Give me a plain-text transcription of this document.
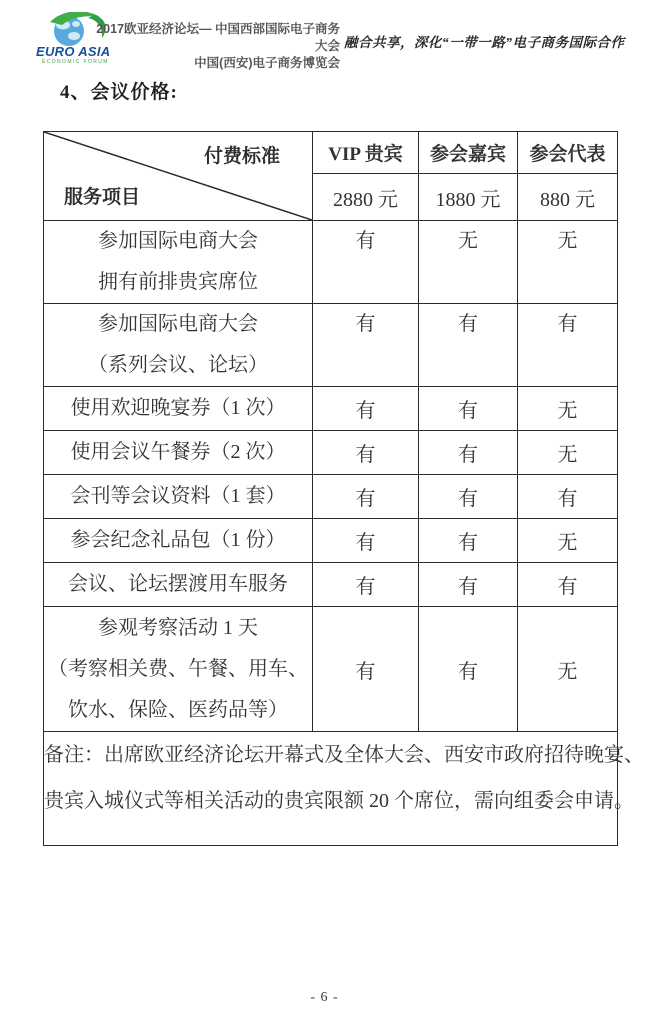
EURO ASIA
ECONOMIC FORUM
2017欧亚经济论坛— 中国西部国际电子商务大会
中国(西安)电子商务博览会
融合共享，深化“一带一路”电子商务国际合作
4、会议价格:
付费标准
服务项目	VIP 贵宾	参会嘉宾	参会代表
	2880 元	1880 元	880 元

参加国际电商大会
拥有前排贵宾席位	有	无	无

参加国际电商大会
（系列会议、论坛）	有	有	有

使用欢迎晚宴券（1 次）	有	有	无

使用会议午餐券（2 次）	有	有	无

会刊等会议资料（1 套）	有	有	有

参会纪念礼品包（1 份）	有	有	无

会议、论坛摆渡用车服务	有	有	有

参观考察活动 1 天
（考察相关费、午餐、用车、
饮水、保险、医药品等）	有	有	无

备注：出席欧亚经济论坛开幕式及全体大会、西安市政府招待晚宴、
贵宾入城仪式等相关活动的贵宾限额 20 个席位，需向组委会申请。			
- 6 -
